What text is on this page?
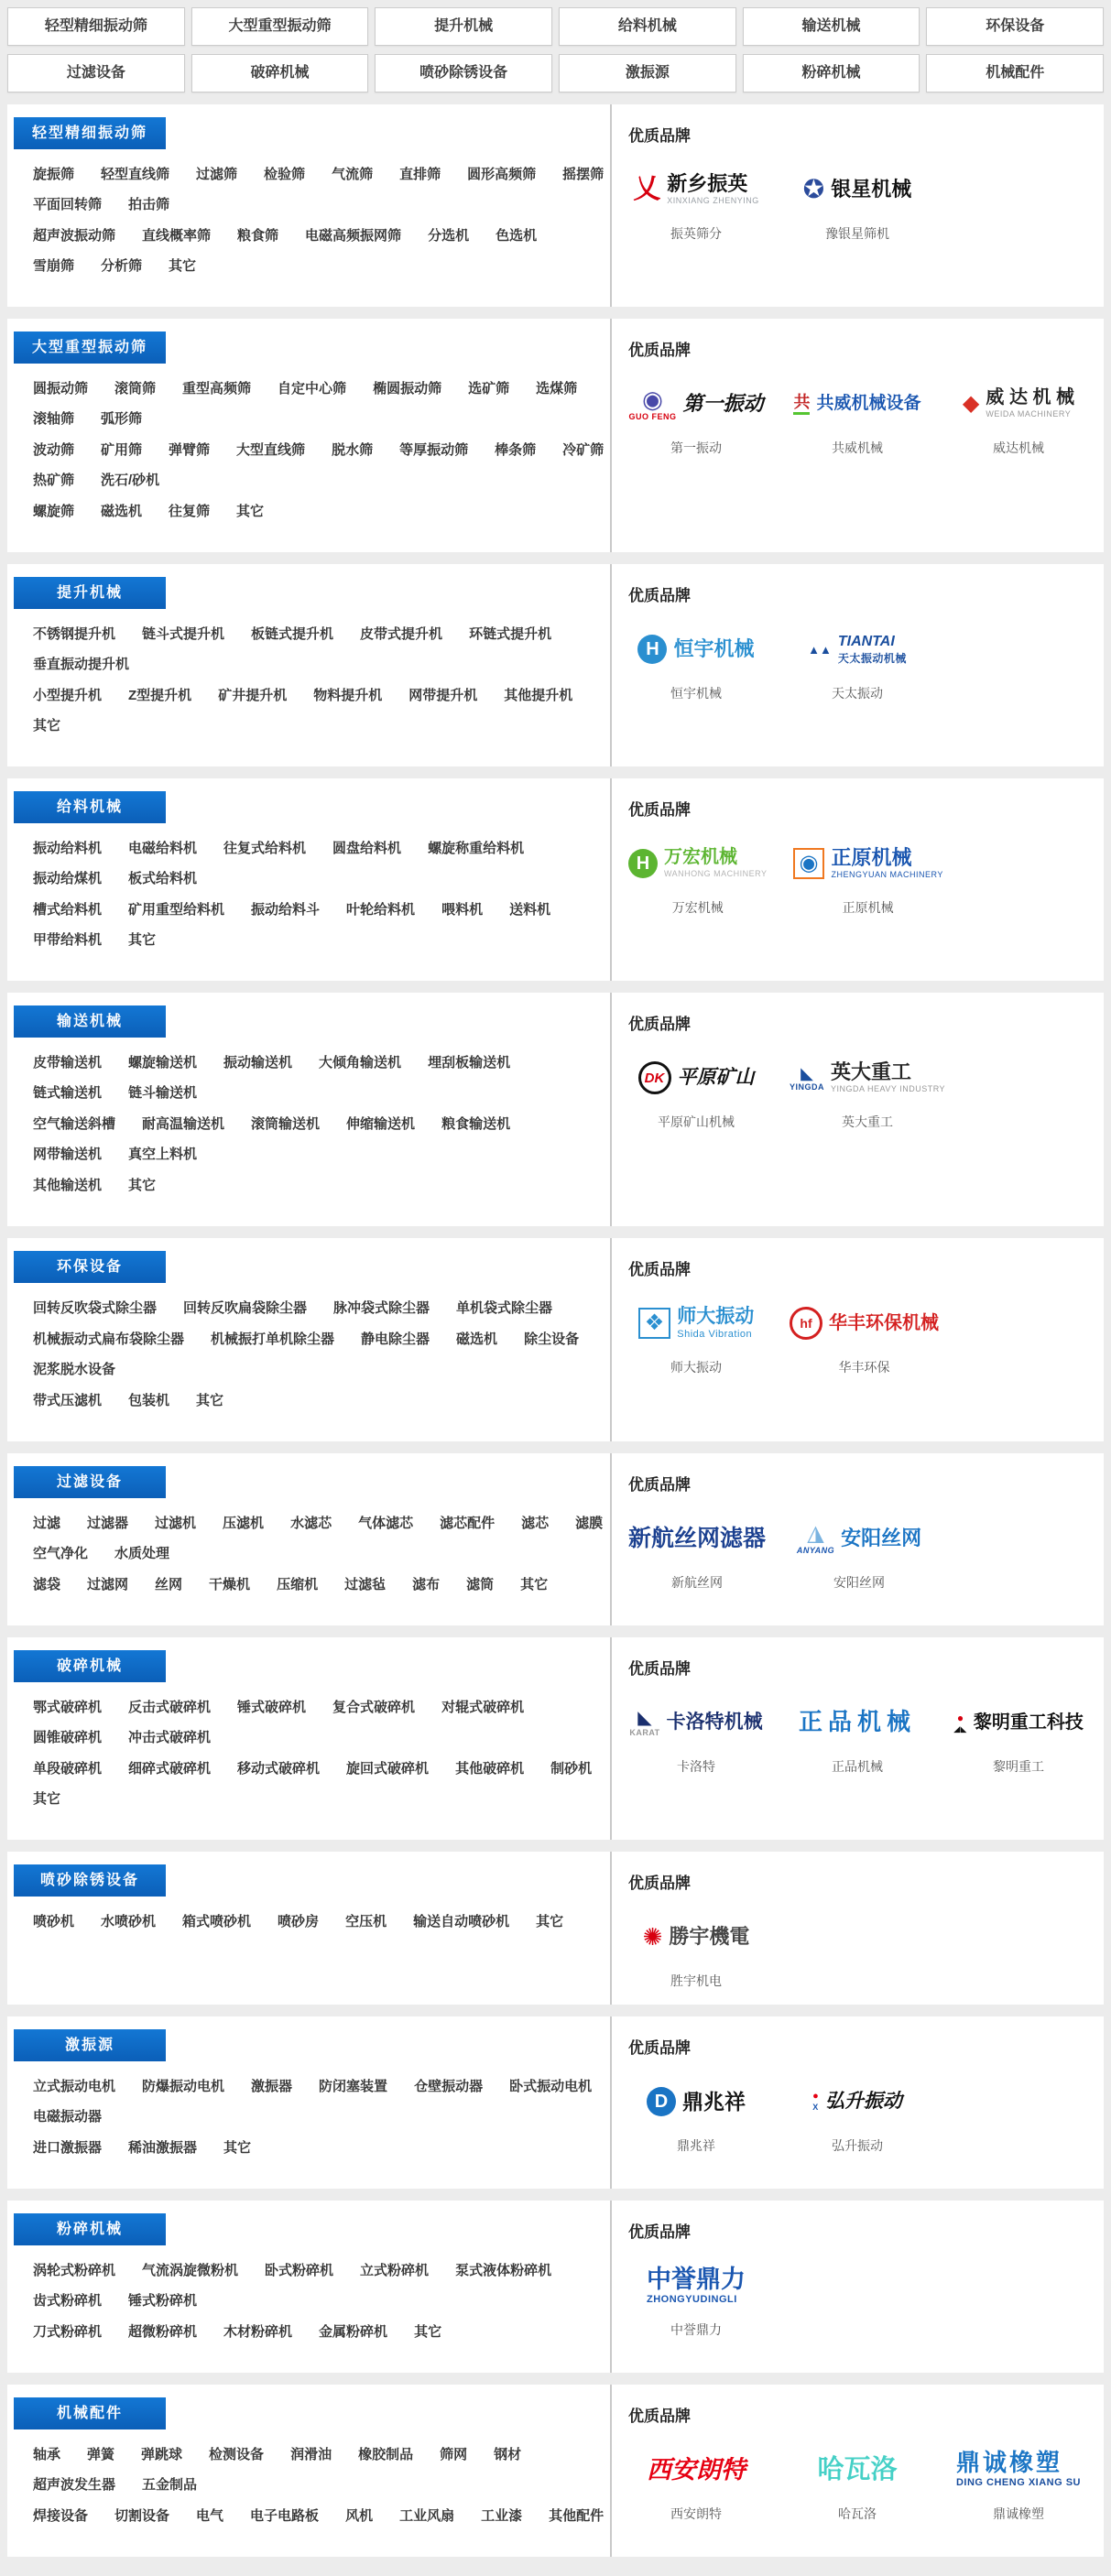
轻型精细振动筛	大型重型振动筛	提升机械	给料机械	输送机械	环保设备
过滤设备	破碎机械	喷砂除锈设备	激振源	粉碎机械	机械配件
轻型精细振动筛
旋振筛 轻型直线筛 过滤筛 检验筛 气流筛 直排筛 圆形高频筛 摇摆筛
平面回转筛 拍击筛
超声波振动筛 直线概率筛 粮食筛 电磁高频振网筛 分选机 色选机
雪崩筛 分析筛 其它
优质品牌
乂 新乡振英
XINXIANG ZHENYING
振英筛分
✪ 银星机械
豫银星筛机
大型重型振动筛
圆振动筛 滚筒筛 重型高频筛 自定中心筛 椭圆振动筛 选矿筛 选煤筛
滚轴筛 弧形筛
波动筛 矿用筛 弹臂筛 大型直线筛 脱水筛 等厚振动筛 棒条筛 冷矿筛
热矿筛 洗石/砂机
螺旋筛 磁选机 往复筛 其它
优质品牌
◉
GUO FENG
第一振动
第一振动
共 共威机械设备
共威机械
◆ 威 达 机 械
WEIDA MACHINERY
威达机械
提升机械
不锈钢提升机 链斗式提升机 板链式提升机 皮带式提升机 环链式提升机
垂直振动提升机
小型提升机 Z型提升机 矿井提升机 物料提升机 网带提升机 其他提升机
其它
优质品牌
H 恒宇机械
恒宇机械
▲▲
TIANTAI
天太振动机械
天太振动
给料机械
振动给料机 电磁给料机 往复式给料机 圆盘给料机 螺旋称重给料机
振动给煤机 板式给料机
槽式给料机 矿用重型给料机 振动给料斗 叶轮给料机 喂料机 送料机
甲带给料机 其它
优质品牌
H 万宏机械
WANHONG MACHINERY
万宏机械
◉ 正原机械
ZHENGYUAN MACHINERY
正原机械
输送机械
皮带输送机 螺旋输送机 振动输送机 大倾角输送机 埋刮板输送机
链式输送机 链斗输送机
空气输送斜槽 耐高温输送机 滚筒输送机 伸缩输送机 粮食输送机
网带输送机 真空上料机
其他输送机 其它
优质品牌
DK 平原矿山
平原矿山机械
◣
YINGDA
英大重工
YINGDA HEAVY INDUSTRY
英大重工
环保设备
回转反吹袋式除尘器 回转反吹扁袋除尘器 脉冲袋式除尘器 单机袋式除尘器
机械振动式扁布袋除尘器 机械振打单机除尘器 静电除尘器 磁选机 除尘设备
泥浆脱水设备
带式压滤机 包装机 其它
优质品牌
❖ 师大振动
Shida Vibration
师大振动
hf 华丰环保机械
华丰环保
过滤设备
过滤 过滤器 过滤机 压滤机 水滤芯 气体滤芯 滤芯配件 滤芯 滤膜
空气净化 水质处理
滤袋 过滤网 丝网 干燥机 压缩机 过滤毡 滤布 滤筒 其它
优质品牌
新航丝网滤器
新航丝网
◮
ANYANG
安阳丝网
安阳丝网
破碎机械
鄂式破碎机 反击式破碎机 锤式破碎机 复合式破碎机 对辊式破碎机
圆锥破碎机 冲击式破碎机
单段破碎机 细碎式破碎机 移动式破碎机 旋回式破碎机 其他破碎机 制砂机
其它
优质品牌
◣
KARAT 卡洛特机械
卡洛特
正品机械
正品机械
●
◢◣ 黎明重工科技
黎明重工
喷砂除锈设备
喷砂机 水喷砂机 箱式喷砂机 喷砂房 空压机 输送自动喷砂机 其它
优质品牌
✺ 勝宇機電
胜宇机电
激振源
立式振动电机 防爆振动电机 激振器 防闭塞装置 仓壁振动器 卧式振动电机
电磁振动器
进口激振器 稀油激振器 其它
优质品牌
D 鼎兆祥
鼎兆祥
●
X 弘升振动
弘升振动
粉碎机械
涡轮式粉碎机 气流涡旋微粉机 卧式粉碎机 立式粉碎机 泵式液体粉碎机
齿式粉碎机 锤式粉碎机
刀式粉碎机 超微粉碎机 木材粉碎机 金属粉碎机 其它
优质品牌
中誉鼎力
ZHONGYUDINGLI
中誉鼎力
机械配件
轴承 弹簧 弹跳球 检测设备 润滑油 橡胶制品 筛网 钢材
超声波发生器 五金制品
焊接设备 切割设备 电气 电子电路板 风机 工业风扇 工业漆 其他配件
优质品牌
西安朗特
西安朗特
哈瓦洛
哈瓦洛
鼎诚橡塑
DING CHENG XIANG SU
鼎诚橡塑
